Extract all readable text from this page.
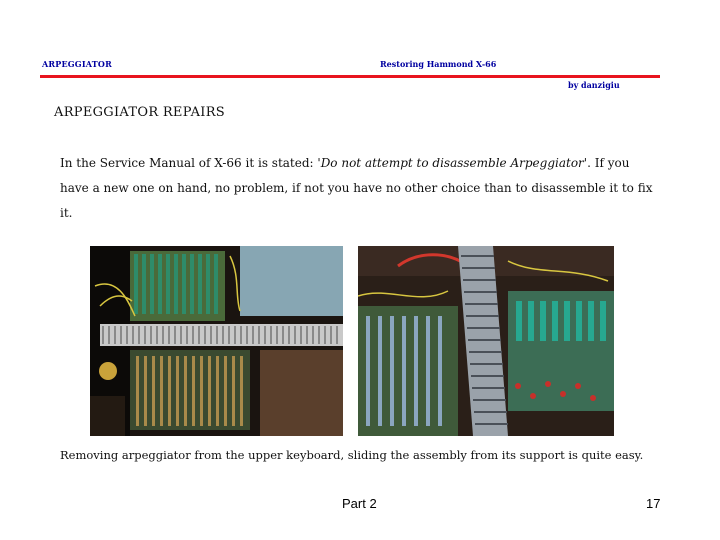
ARPEGGIATOR	Restoring Hammond X-66
by danzigiu
ARPEGGIATOR REPAIRS
In the Service Manual of X-66 it is stated: 'Do not attempt to disassemble Arpeggiator'. If you have a new one on hand, no problem, if not you have no other choice than to disassemble it to fix it.
Removing arpeggiator from the upper keyboard, sliding the assembly from its support is quite easy.
Part 2	17
